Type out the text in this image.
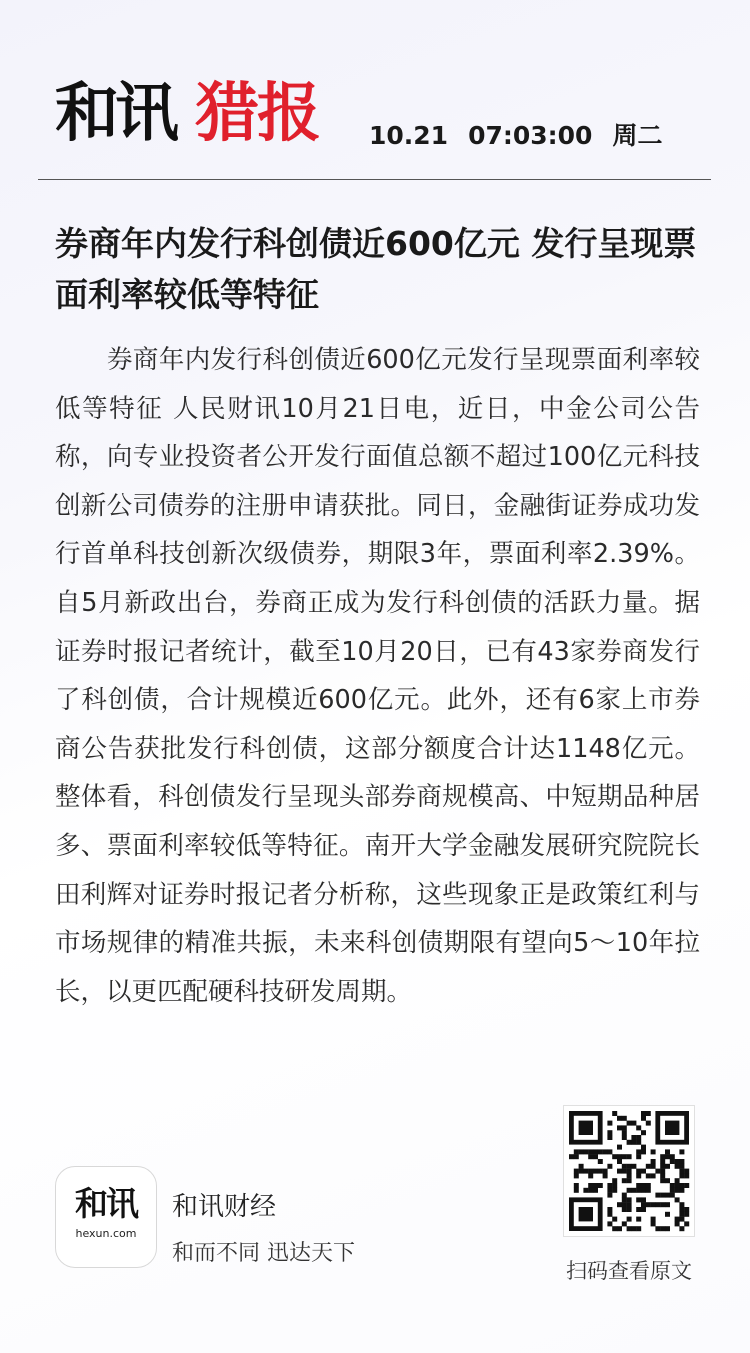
和讯 猎报 10.21 07:03:00 周二
券商年内发行科创债近600亿元 发行呈现票面利率较低等特征

券商年内发行科创债近600亿元发行呈现票面利率较低等特征 人民财讯10月21日电，近日，中金公司公告称，向专业投资者公开发行面值总额不超过100亿元科技创新公司债券的注册申请获批。同日，金融街证券成功发行首单科技创新次级债券，期限3年，票面利率2.39%。 自5月新政出台，券商正成为发行科创债的活跃力量。据证券时报记者统计，截至10月20日，已有43家券商发行了科创债，合计规模近600亿元。此外，还有6家上市券商公告获批发行科创债，这部分额度合计达1148亿元。 整体看，科创债发行呈现头部券商规模高、中短期品种居多、票面利率较低等特征。南开大学金融发展研究院院长田利辉对证券时报记者分析称，这些现象正是政策红利与市场规律的精准共振，未来科创债期限有望向5～10年拉长，以更匹配硬科技研发周期。

和讯
hexun.com
和讯财经
和而不同 迅达天下
扫码查看原文
